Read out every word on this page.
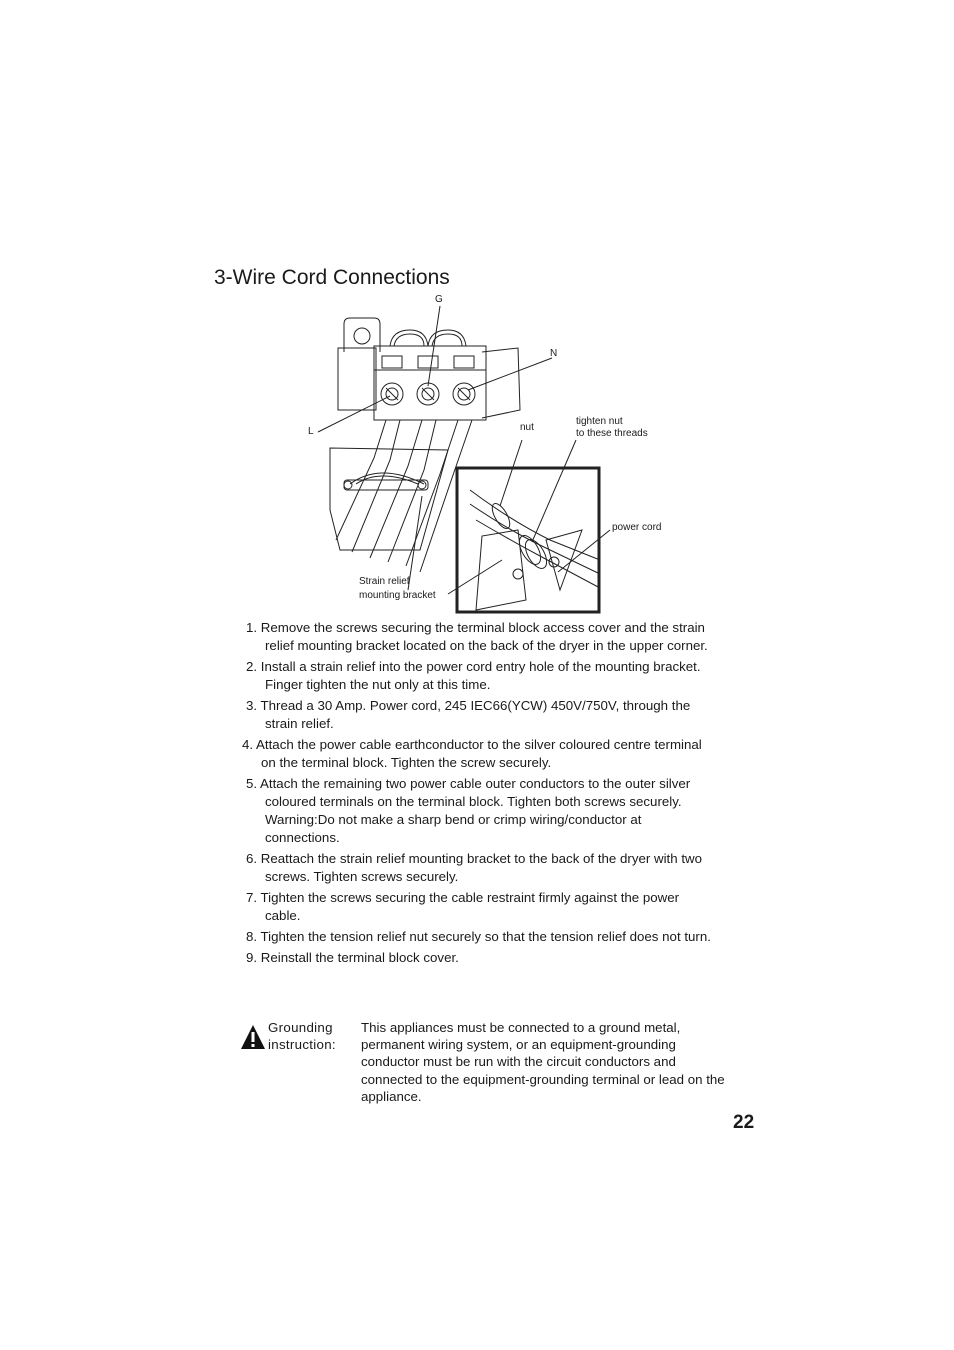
3-Wire Cord Connections
G
N
L	nut
tighten nut
to these threads
power cord
Strain relief
mounting bracket
1. Remove the screws securing the terminal block access cover and the strain relief mounting bracket located on the back of the dryer in the upper corner.
2. Install a strain relief into the power cord entry hole of the mounting bracket. Finger tighten the nut only at this time.
3. Thread a 30 Amp. Power cord, 245 IEC66(YCW) 450V/750V, through the strain relief.
4. Attach the power cable earthconductor to the silver coloured centre terminal on the terminal block. Tighten the screw securely.
5. Attach the remaining two power cable outer conductors to the outer silver coloured terminals on the terminal block. Tighten both screws securely. Warning:Do not make a sharp bend or crimp wiring/conductor at connections.
6. Reattach the strain relief mounting bracket to the back of the dryer with two screws. Tighten screws securely.
7. Tighten the screws securing the cable restraint firmly against the power cable.
8. Tighten the tension relief nut securely so that the tension relief does not turn.
9. Reinstall the terminal block cover.
Grounding
instruction:
This appliances must be connected to a ground metal, permanent wiring system, or an equipment-grounding conductor must be run with the circuit conductors and connected to the equipment-grounding terminal or lead on the appliance.
22
